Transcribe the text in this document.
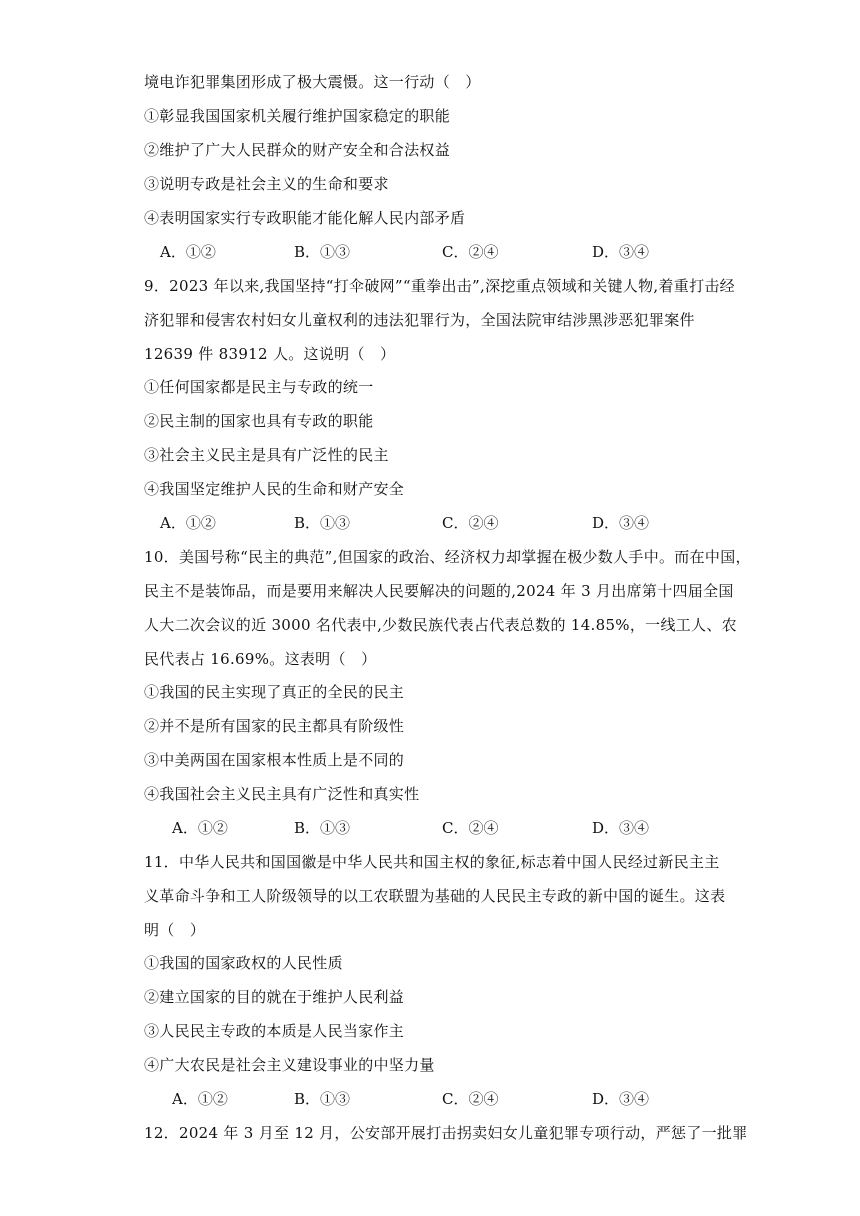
境电诈犯罪集团形成了极大震慑。这一行动（　）
①彰显我国国家机关履行维护国家稳定的职能
②维护了广大人民群众的财产安全和合法权益
③说明专政是社会主义的生命和要求
④表明国家实行专政职能才能化解人民内部矛盾
A．①②	B．①③	C．②④	D．③④
9．2023 年以来,我国坚持“打伞破网”“重拳出击”,深挖重点领域和关键人物,着重打击经
济犯罪和侵害农村妇女儿童权利的违法犯罪行为，全国法院审结涉黑涉恶犯罪案件
12639 件 83912 人。这说明（　）
①任何国家都是民主与专政的统一
②民主制的国家也具有专政的职能
③社会主义民主是具有广泛性的民主
④我国坚定维护人民的生命和财产安全
A．①②	B．①③	C．②④	D．③④
10．美国号称“民主的典范”,但国家的政治、经济权力却掌握在极少数人手中。而在中国，
民主不是装饰品，而是要用来解决人民要解决的问题的,2024 年 3 月出席第十四届全国
人大二次会议的近 3000 名代表中,少数民族代表占代表总数的 14.85%，一线工人、农
民代表占 16.69%。这表明（　）
①我国的民主实现了真正的全民的民主
②并不是所有国家的民主都具有阶级性
③中美两国在国家根本性质上是不同的
④我国社会主义民主具有广泛性和真实性
A．①②	B．①③	C．②④	D．③④
11．中华人民共和国国徽是中华人民共和国主权的象征,标志着中国人民经过新民主主
义革命斗争和工人阶级领导的以工农联盟为基础的人民民主专政的新中国的诞生。这表
明（　）
①我国的国家政权的人民性质
②建立国家的目的就在于维护人民利益
③人民民主专政的本质是人民当家作主
④广大农民是社会主义建设事业的中坚力量
A．①②	B．①③	C．②④	D．③④
12．2024 年 3 月至 12 月，公安部开展打击拐卖妇女儿童犯罪专项行动，严惩了一批罪
